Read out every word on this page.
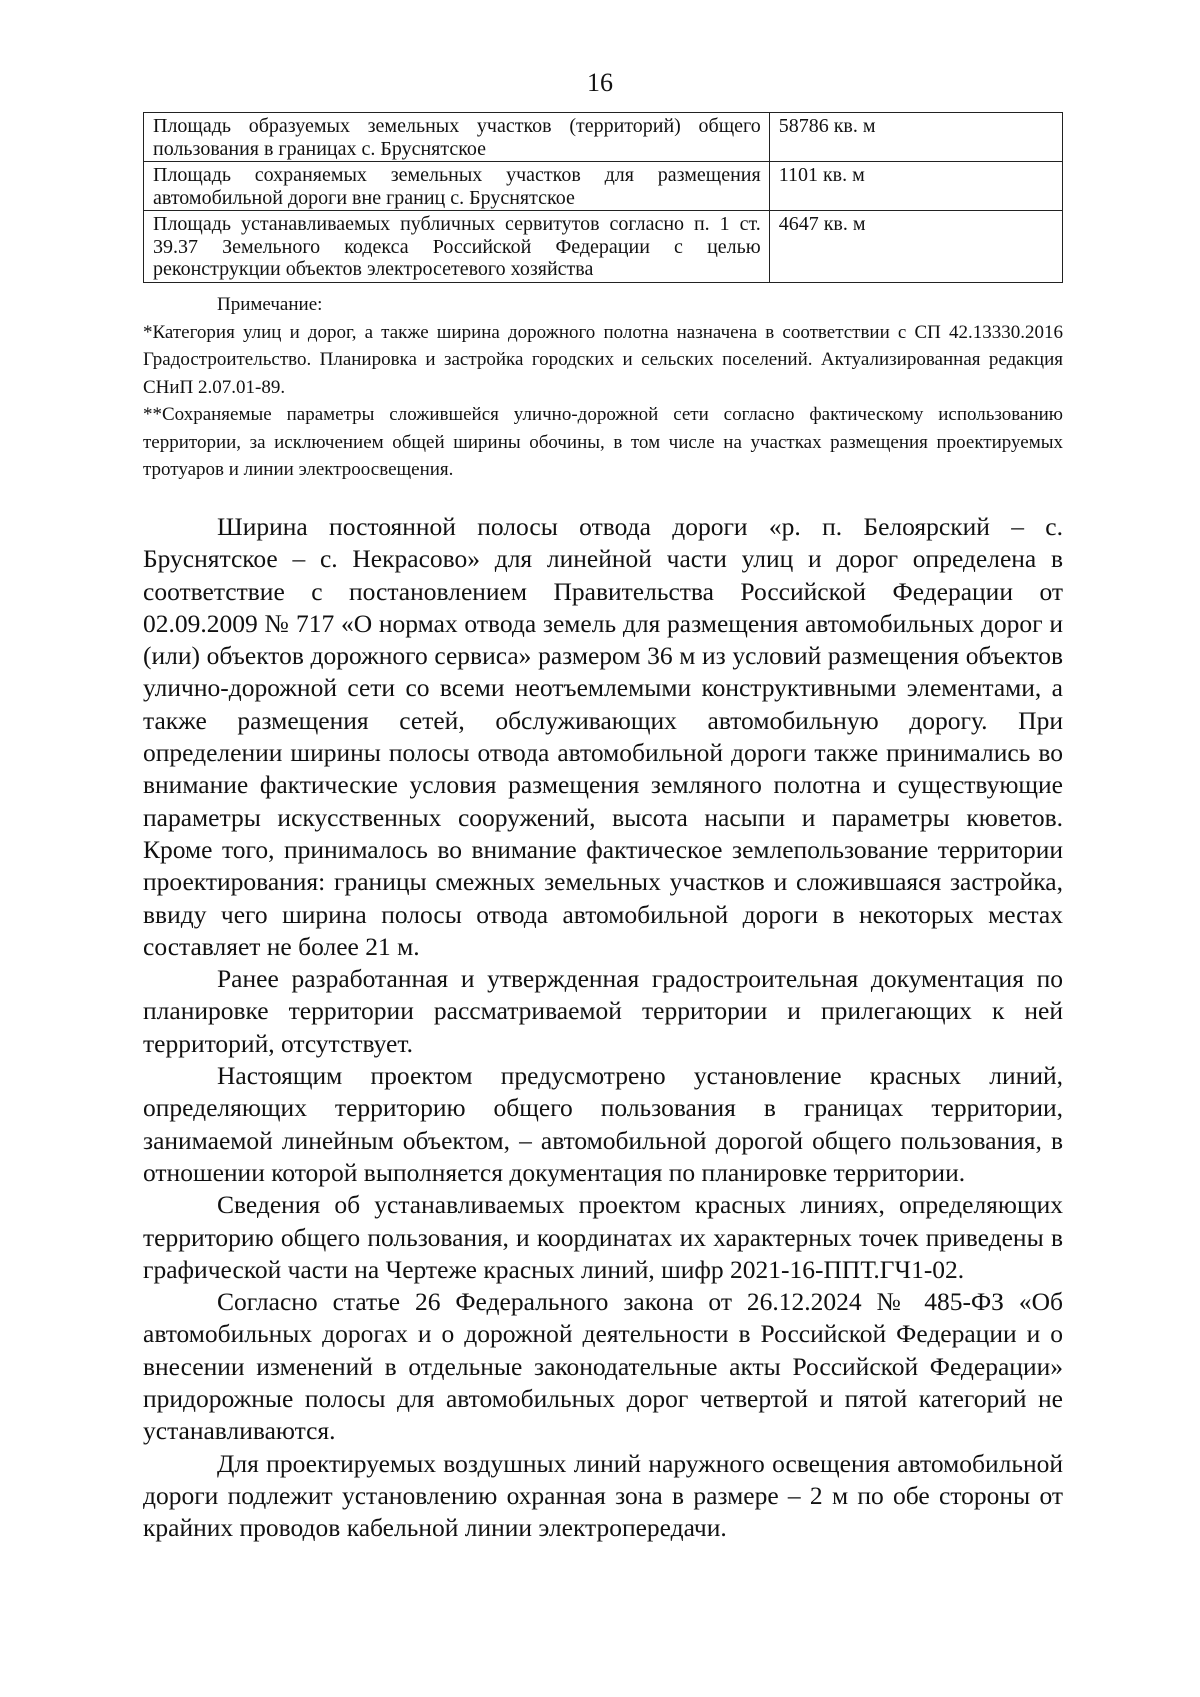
16
Площадь образуемых земельных участков (территорий) общего пользования в границах с. Бруснятское	58786 кв. м
Площадь сохраняемых земельных участков для размещения автомобильной дороги вне границ с. Бруснятское	1101 кв. м
Площадь устанавливаемых публичных сервитутов согласно п. 1 ст. 39.37 Земельного кодекса Российской Федерации с целью реконструкции объектов электросетевого хозяйства	4647 кв. м
Примечание:

*Категория улиц и дорог, а также ширина дорожного полотна назначена в соответствии с СП 42.13330.2016 Градостроительство. Планировка и застройка городских и сельских поселений. Актуализированная редакция СНиП 2.07.01-89.

**Сохраняемые параметры сложившейся улично-дорожной сети согласно фактическому использованию территории, за исключением общей ширины обочины, в том числе на участках размещения проектируемых тротуаров и линии электроосвещения.

Ширина постоянной полосы отвода дороги «р. п. Белоярский – с. Бруснятское – с. Некрасово» для линейной части улиц и дорог определена в соответствие с постановлением Правительства Российской Федерации от 02.09.2009 № 717 «О нормах отвода земель для размещения автомобильных дорог и (или) объектов дорожного сервиса» размером 36 м из условий размещения объектов улично-дорожной сети со всеми неотъемлемыми конструктивными элементами, а также размещения сетей, обслуживающих автомобильную дорогу. При определении ширины полосы отвода автомобильной дороги также принимались во внимание фактические условия размещения земляного полотна и существующие параметры искусственных сооружений, высота насыпи и параметры кюветов. Кроме того, принималось во внимание фактическое землепользование территории проектирования: границы смежных земельных участков и сложившаяся застройка, ввиду чего ширина полосы отвода автомобильной дороги в некоторых местах составляет не более 21 м.

Ранее разработанная и утвержденная градостроительная документация по планировке территории рассматриваемой территории и прилегающих к ней территорий, отсутствует.

Настоящим проектом предусмотрено установление красных линий, определяющих территорию общего пользования в границах территории, занимаемой линейным объектом, – автомобильной дорогой общего пользования, в отношении которой выполняется документация по планировке территории.

Сведения об устанавливаемых проектом красных линиях, определяющих территорию общего пользования, и координатах их характерных точек приведены в графической части на Чертеже красных линий, шифр 2021-16-ППТ.ГЧ1-02.

Согласно статье 26 Федерального закона от 26.12.2024 № 485-ФЗ «Об автомобильных дорогах и о дорожной деятельности в Российской Федерации и о внесении изменений в отдельные законодательные акты Российской Федерации» придорожные полосы для автомобильных дорог четвертой и пятой категорий не устанавливаются.

Для проектируемых воздушных линий наружного освещения автомобильной дороги подлежит установлению охранная зона в размере – 2 м по обе стороны от крайних проводов кабельной линии электропередачи.
